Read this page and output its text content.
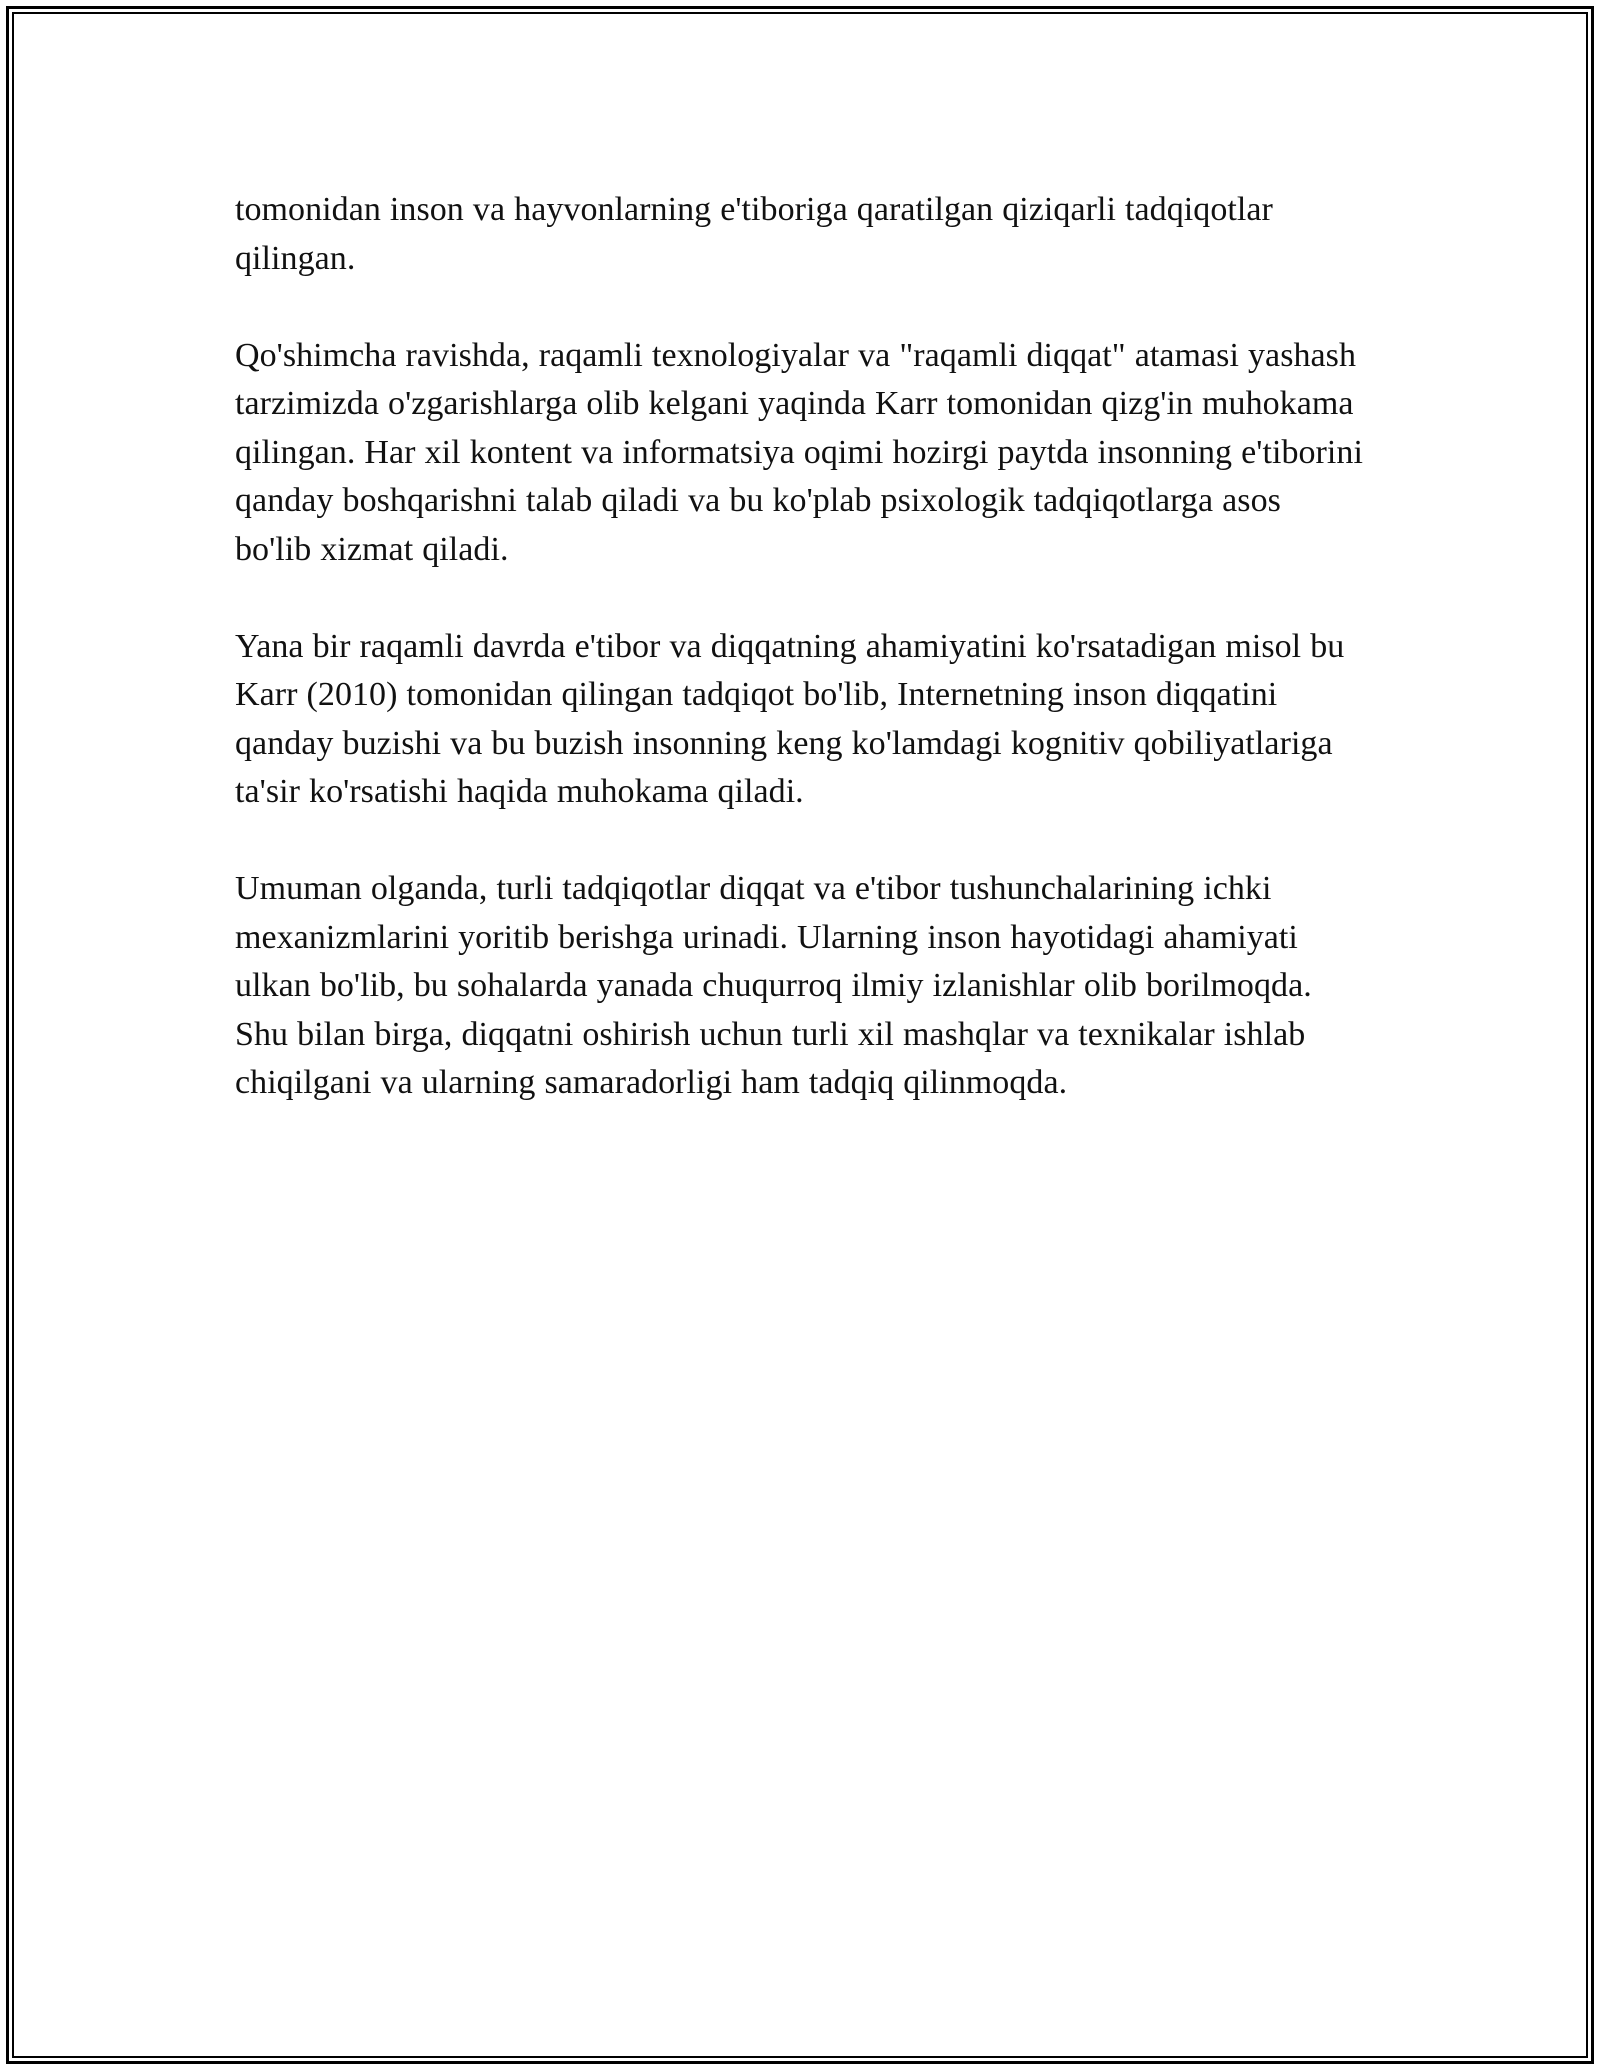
tomonidan inson va hayvonlarning e'tiboriga qaratilgan qiziqarli tadqiqotlar qilingan.

Qo'shimcha ravishda, raqamli texnologiyalar va "raqamli diqqat" atamasi yashash tarzimizda o'zgarishlarga olib kelgani yaqinda Karr tomonidan qizg'in muhokama qilingan. Har xil kontent va informatsiya oqimi hozirgi paytda insonning e'tiborini qanday boshqarishni talab qiladi va bu ko'plab psixologik tadqiqotlarga asos bo'lib xizmat qiladi.

Yana bir raqamli davrda e'tibor va diqqatning ahamiyatini ko'rsatadigan misol bu Karr (2010) tomonidan qilingan tadqiqot bo'lib, Internetning inson diqqatini qanday buzishi va bu buzish insonning keng ko'lamdagi kognitiv qobiliyatlariga ta'sir ko'rsatishi haqida muhokama qiladi.

Umuman olganda, turli tadqiqotlar diqqat va e'tibor tushunchalarining ichki mexanizmlarini yoritib berishga urinadi. Ularning inson hayotidagi ahamiyati ulkan bo'lib, bu sohalarda yanada chuqurroq ilmiy izlanishlar olib borilmoqda. Shu bilan birga, diqqatni oshirish uchun turli xil mashqlar va texnikalar ishlab chiqilgani va ularning samaradorligi ham tadqiq qilinmoqda.
